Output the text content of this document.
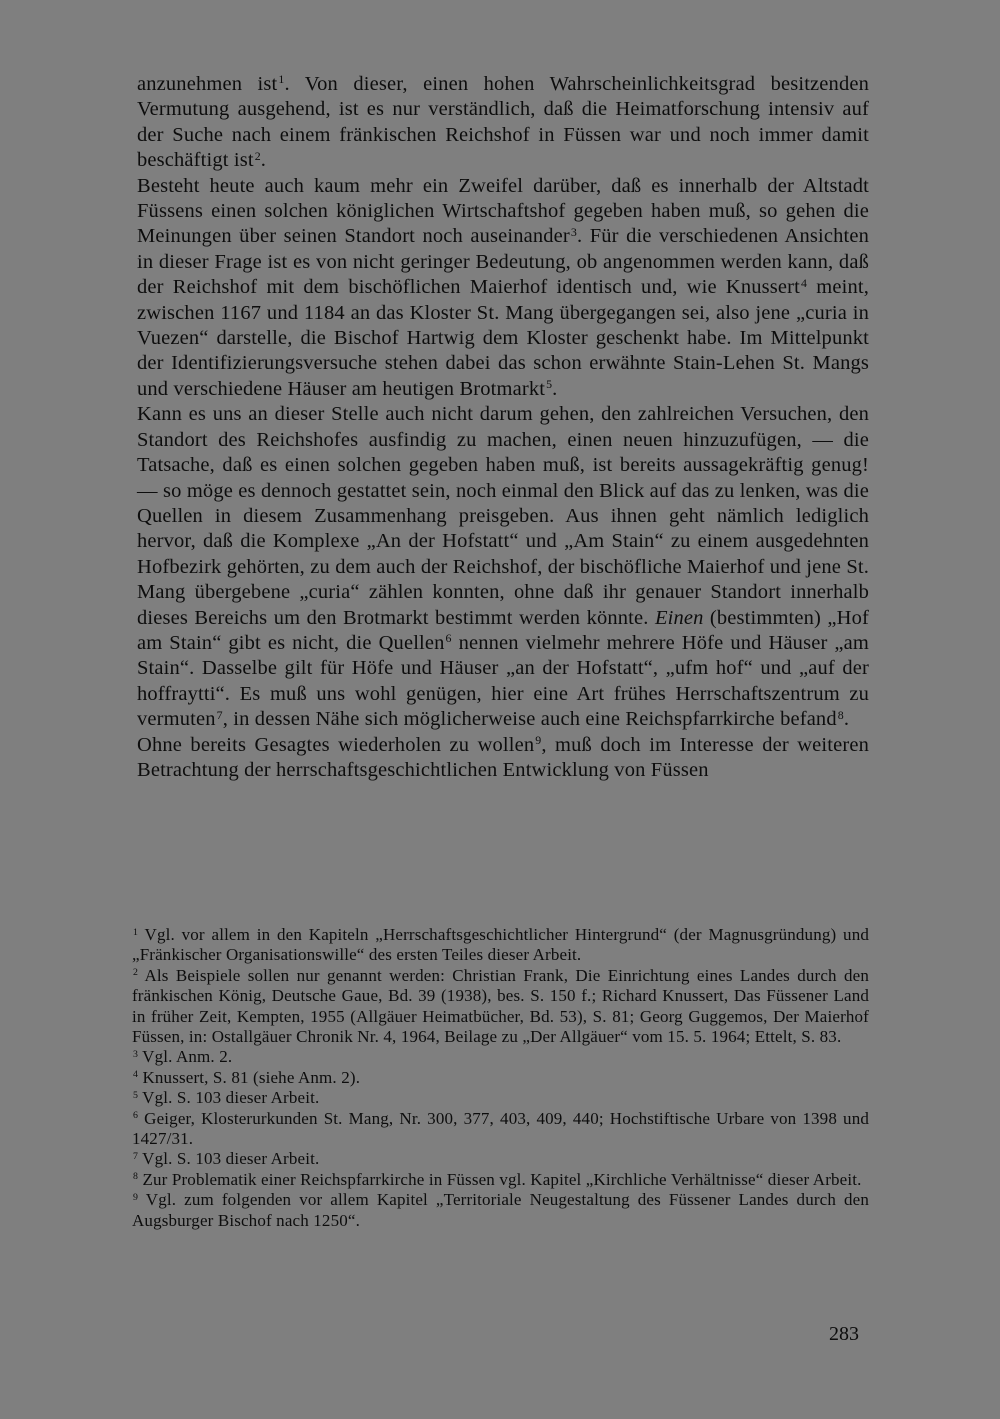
anzunehmen ist$^1$. Von dieser, einen hohen Wahrscheinlichkeitsgrad besitzenden Vermutung ausgehend, ist es nur verständlich, daß die Heimatforschung intensiv auf der Suche nach einem fränkischen Reichshof in Füssen war und noch immer damit beschäftigt ist$^2$.

Besteht heute auch kaum mehr ein Zweifel darüber, daß es innerhalb der Altstadt Füssens einen solchen königlichen Wirtschaftshof gegeben haben muß, so gehen die Meinungen über seinen Standort noch auseinander$^3$. Für die verschiedenen Ansichten in dieser Frage ist es von nicht geringer Bedeutung, ob angenommen werden kann, daß der Reichshof mit dem bischöflichen Maierhof identisch und, wie Knussert$^4$ meint, zwischen 1167 und 1184 an das Kloster St. Mang übergegangen sei, also jene „curia in Vuezen“ darstelle, die Bischof Hartwig dem Kloster geschenkt habe. Im Mittelpunkt der Identifizierungsversuche stehen dabei das schon erwähnte Stain-Lehen St. Mangs und verschiedene Häuser am heutigen Brotmarkt$^5$.

Kann es uns an dieser Stelle auch nicht darum gehen, den zahlreichen Versuchen, den Standort des Reichshofes ausfindig zu machen, einen neuen hinzuzufügen, — die Tatsache, daß es einen solchen gegeben haben muß, ist bereits aussagekräftig genug! — so möge es dennoch gestattet sein, noch einmal den Blick auf das zu lenken, was die Quellen in diesem Zusammenhang preisgeben. Aus ihnen geht nämlich lediglich hervor, daß die Komplexe „An der Hofstatt“ und „Am Stain“ zu einem ausgedehnten Hofbezirk gehörten, zu dem auch der Reichshof, der bischöfliche Maierhof und jene St. Mang übergebene „curia“ zählen konnten, ohne daß ihr genauer Standort innerhalb dieses Bereichs um den Brotmarkt bestimmt werden könnte. Einen (bestimmten) „Hof am Stain“ gibt es nicht, die Quellen$^6$ nennen vielmehr mehrere Höfe und Häuser „am Stain“. Dasselbe gilt für Höfe und Häuser „an der Hofstatt“, „ufm hof“ und „auf der hoffraytti“. Es muß uns wohl genügen, hier eine Art frühes Herrschaftszentrum zu vermuten$^7$, in dessen Nähe sich möglicherweise auch eine Reichspfarrkirche befand$^8$.

Ohne bereits Gesagtes wiederholen zu wollen$^9$, muß doch im Interesse der weiteren Betrachtung der herrschaftsgeschichtlichen Entwicklung von Füssen

$^1$ Vgl. vor allem in den Kapiteln „Herrschaftsgeschichtlicher Hintergrund“ (der Magnusgründung) und „Fränkischer Organisationswille“ des ersten Teiles dieser Arbeit.

$^2$ Als Beispiele sollen nur genannt werden: Christian Frank, Die Einrichtung eines Landes durch den fränkischen König, Deutsche Gaue, Bd. 39 (1938), bes. S. 150 f.; Richard Knussert, Das Füssener Land in früher Zeit, Kempten, 1955 (Allgäuer Heimatbücher, Bd. 53), S. 81; Georg Guggemos, Der Maierhof Füssen, in: Ostallgäuer Chronik Nr. 4, 1964, Beilage zu „Der Allgäuer“ vom 15. 5. 1964; Ettelt, S. 83.

$^3$ Vgl. Anm. 2.

$^4$ Knussert, S. 81 (siehe Anm. 2).

$^5$ Vgl. S. 103 dieser Arbeit.

$^6$ Geiger, Klosterurkunden St. Mang, Nr. 300, 377, 403, 409, 440; Hochstiftische Urbare von 1398 und 1427/31.

$^7$ Vgl. S. 103 dieser Arbeit.

$^8$ Zur Problematik einer Reichspfarrkirche in Füssen vgl. Kapitel „Kirchliche Verhältnisse“ dieser Arbeit.

$^9$ Vgl. zum folgenden vor allem Kapitel „Territoriale Neugestaltung des Füssener Landes durch den Augsburger Bischof nach 1250“.

283
